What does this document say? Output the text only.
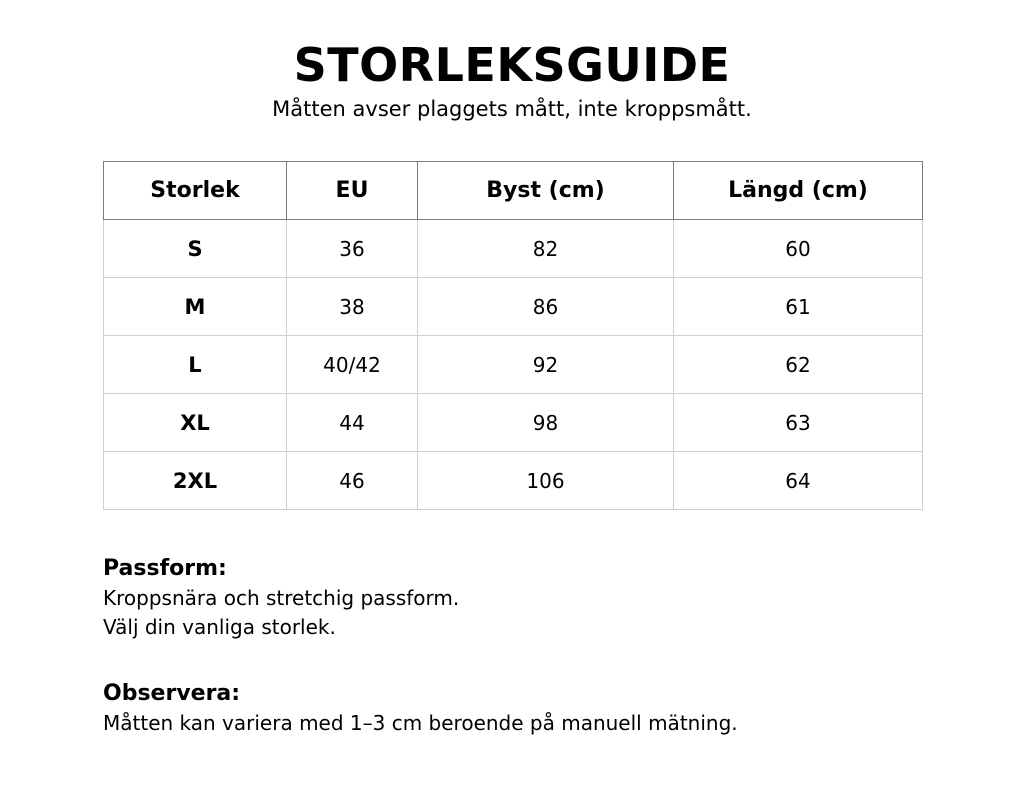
STORLEKSGUIDE
Måtten avser plaggets mått, inte kroppsmått.
Storlek	EU	Byst (cm)	Längd (cm)
S	36	82	60
M	38	86	61
L	40/42	92	62
XL	44	98	63
2XL	46	106	64
Passform:
Kroppsnära och stretchig passform.
Välj din vanliga storlek.
Observera:
Måtten kan variera med 1–3 cm beroende på manuell mätning.
